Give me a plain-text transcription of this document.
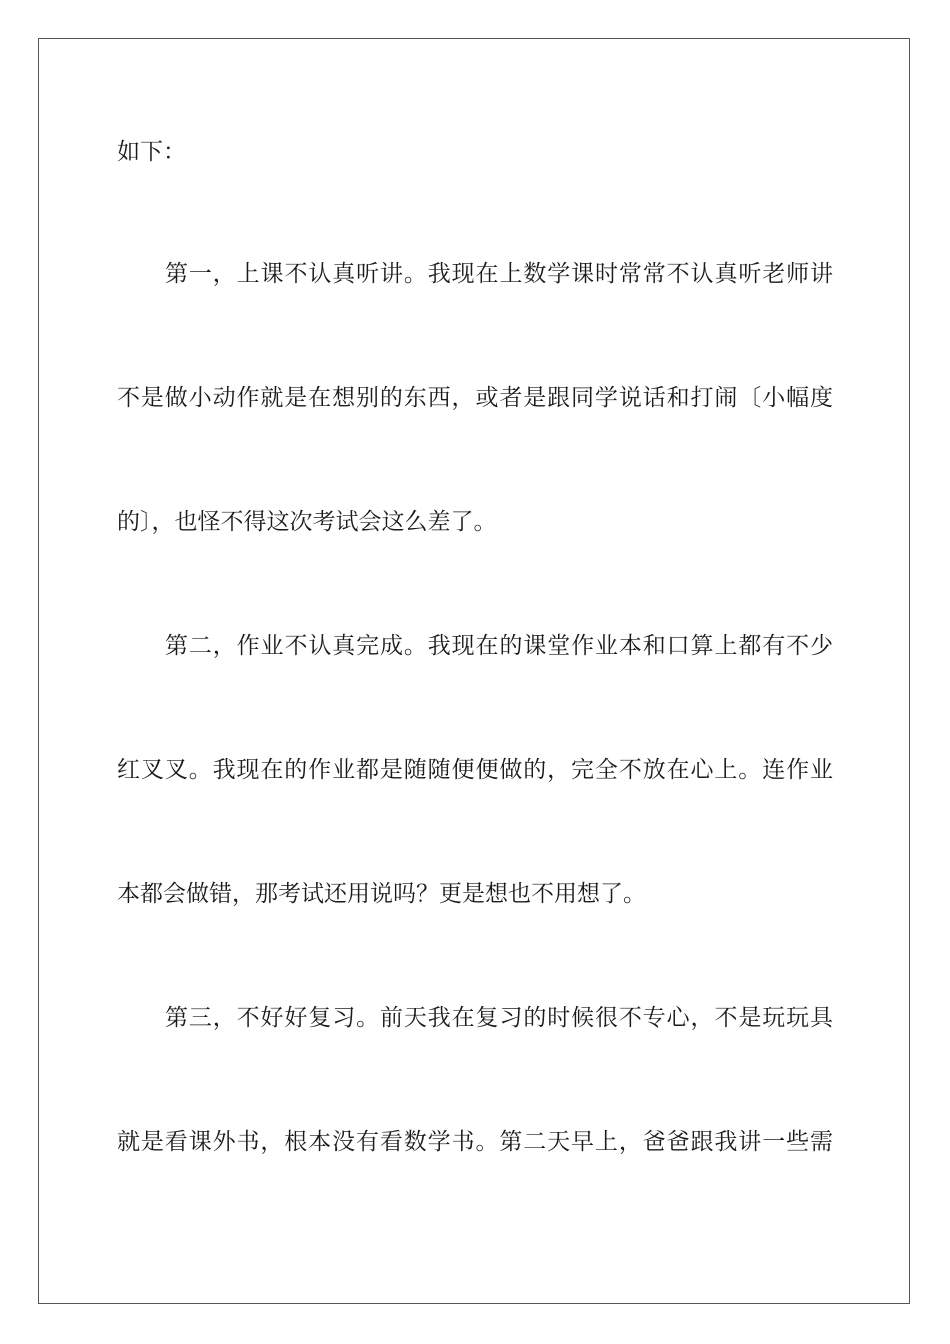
如下：
第一，上课不认真听讲。我现在上数学课时常常不认真听老师讲
不是做小动作就是在想别的东西，或者是跟同学说话和打闹〔小幅度
的〕，也怪不得这次考试会这么差了。
第二，作业不认真完成。我现在的课堂作业本和口算上都有不少
红叉叉。我现在的作业都是随随便便做的，完全不放在心上。连作业
本都会做错，那考试还用说吗？更是想也不用想了。
第三，不好好复习。前天我在复习的时候很不专心，不是玩玩具
就是看课外书，根本没有看数学书。第二天早上，爸爸跟我讲一些需
